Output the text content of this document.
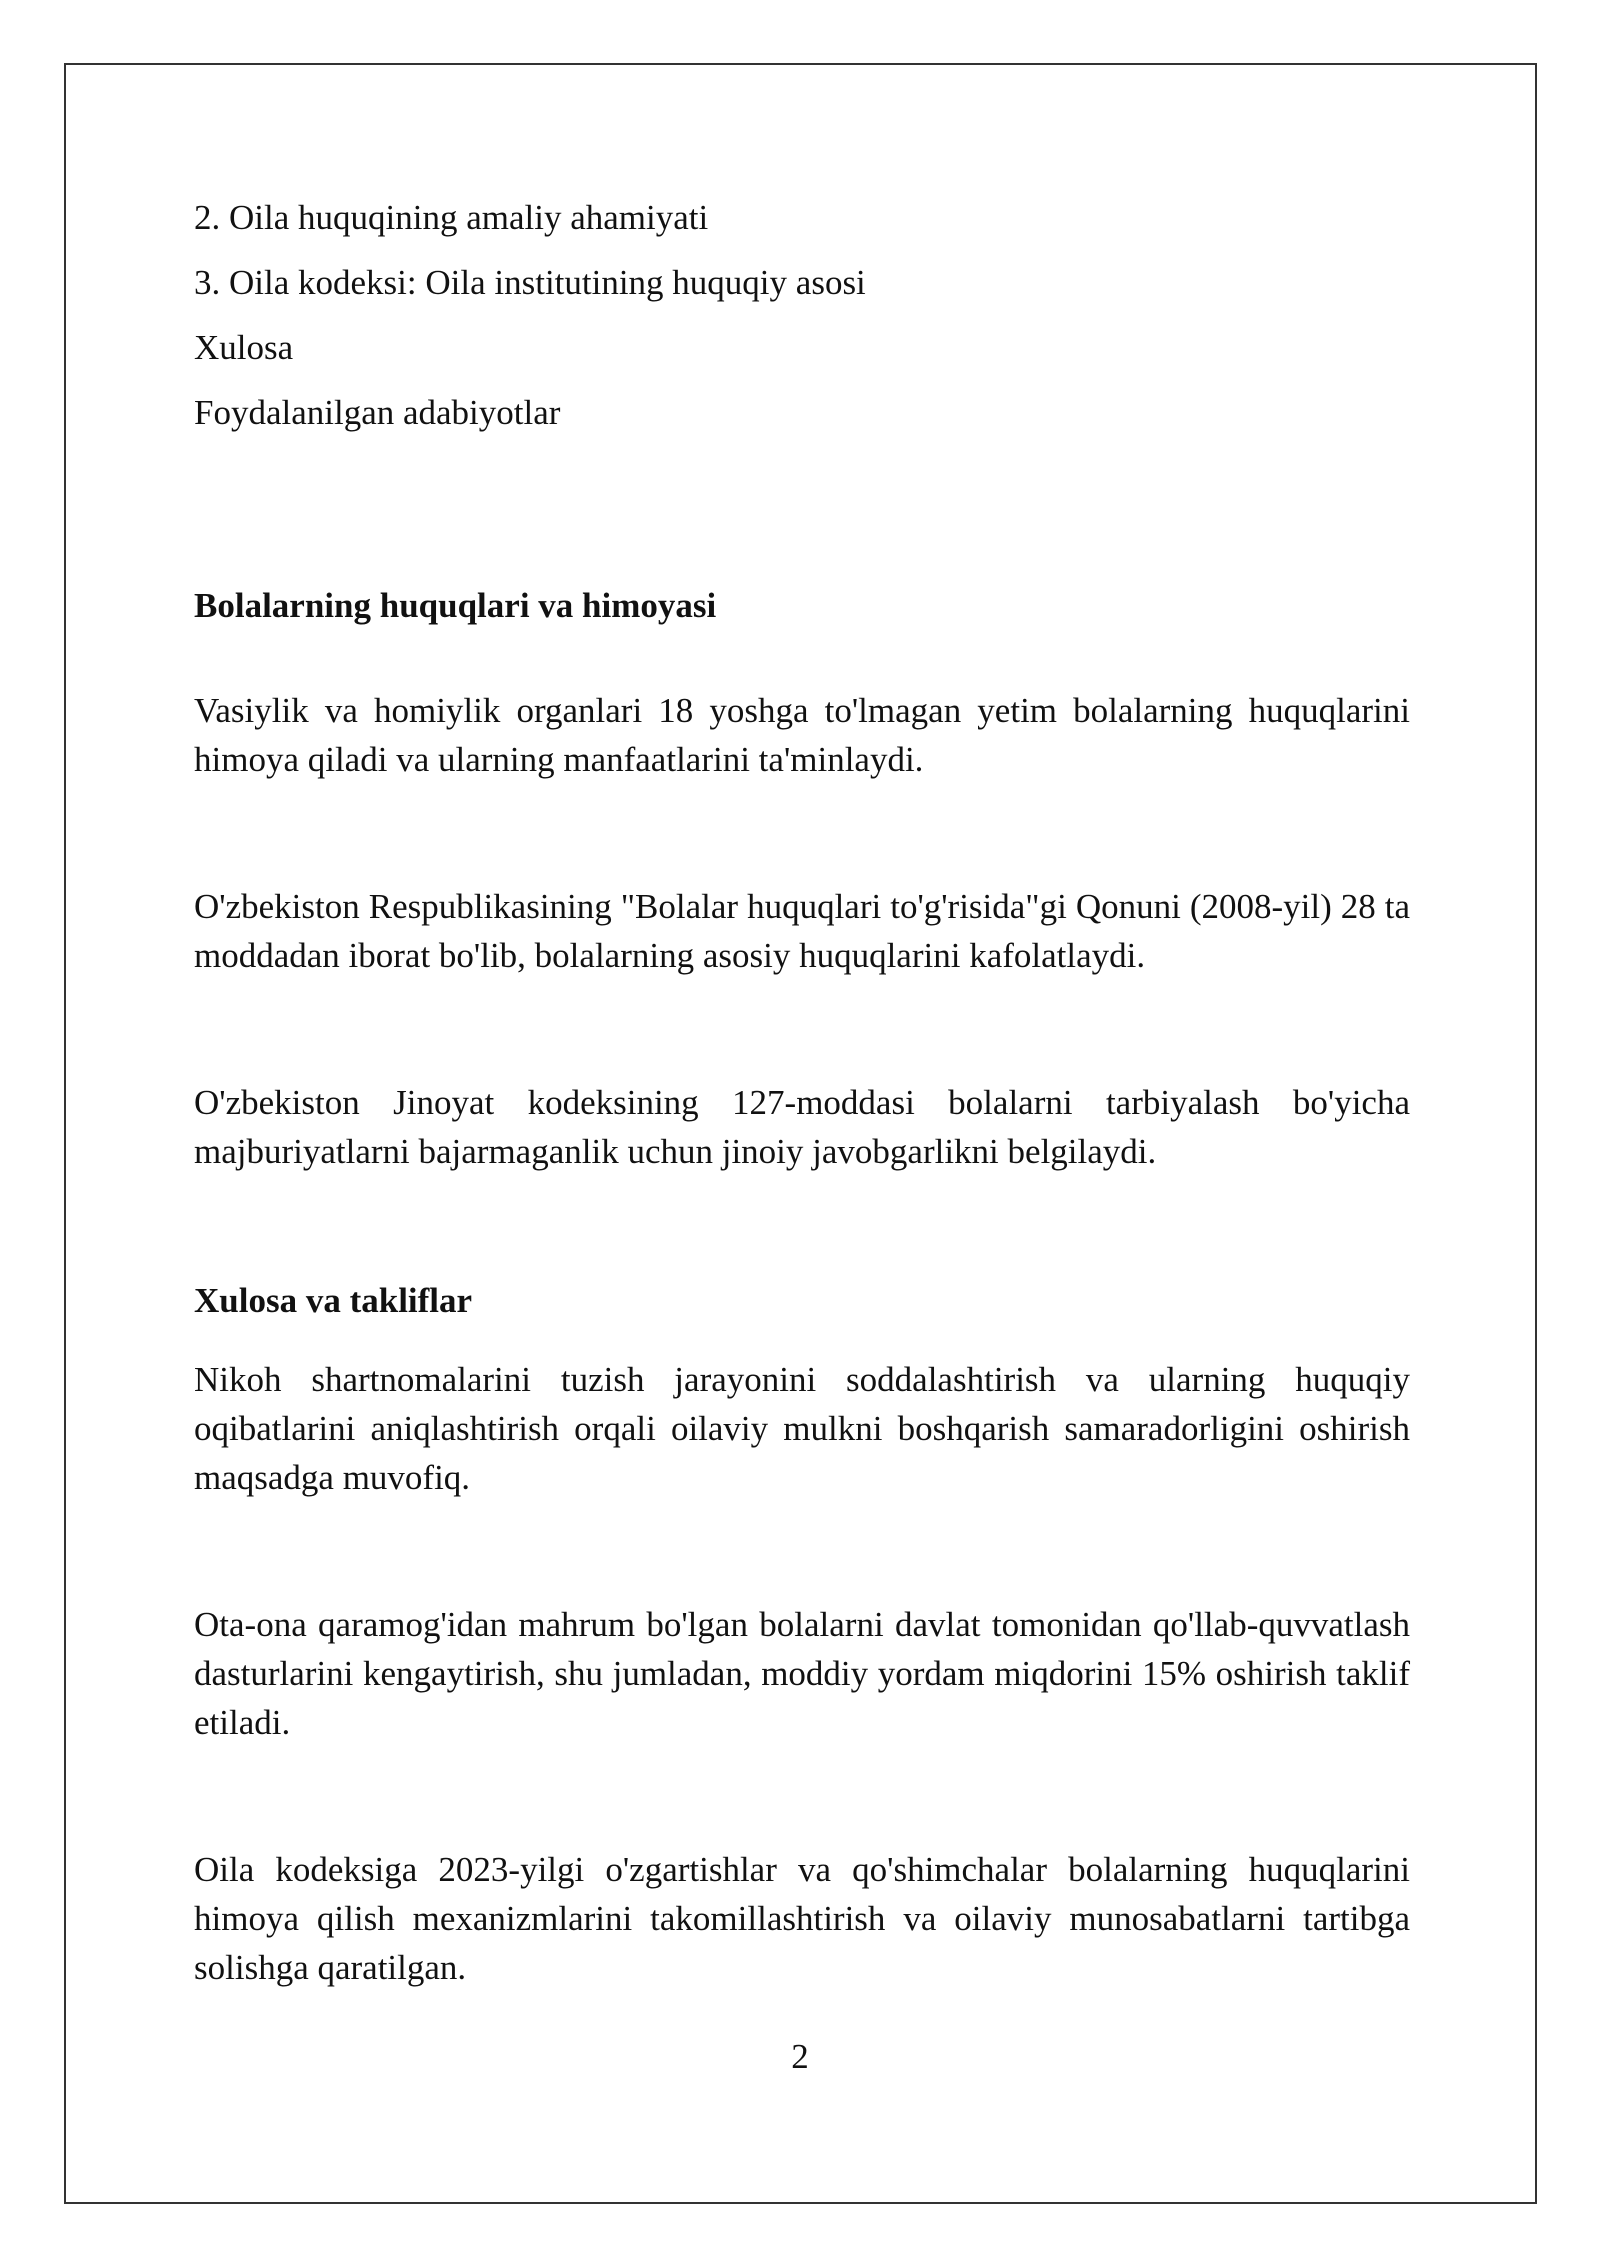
2. Oila huquqining amaliy ahamiyati
3. Oila kodeksi: Oila institutining huquqiy asosi
Xulosa
Foydalanilgan adabiyotlar
Bolalarning huquqlari va himoyasi

Vasiylik va homiylik organlari 18 yoshga to'lmagan yetim bolalarning huquqlarini himoya qiladi va ularning manfaatlarini ta'minlaydi.

O'zbekiston Respublikasining "Bolalar huquqlari to'g'risida"gi Qonuni (2008-yil) 28 ta moddadan iborat bo'lib, bolalarning asosiy huquqlarini kafolatlaydi.

O'zbekiston Jinoyat kodeksining 127-moddasi bolalarni tarbiyalash bo'yicha majburiyatlarni bajarmaganlik uchun jinoiy javobgarlikni belgilaydi.

Xulosa va takliflar

Nikoh shartnomalarini tuzish jarayonini soddalashtirish va ularning huquqiy oqibatlarini aniqlashtirish orqali oilaviy mulkni boshqarish samaradorligini oshirish maqsadga muvofiq.

Ota-ona qaramog'idan mahrum bo'lgan bolalarni davlat tomonidan qo'llab-quvvatlash dasturlarini kengaytirish, shu jumladan, moddiy yordam miqdorini 15% oshirish taklif etiladi.

Oila kodeksiga 2023-yilgi o'zgartishlar va qo'shimchalar bolalarning huquqlarini himoya qilish mexanizmlarini takomillashtirish va oilaviy munosabatlarni tartibga solishga qaratilgan.

2
